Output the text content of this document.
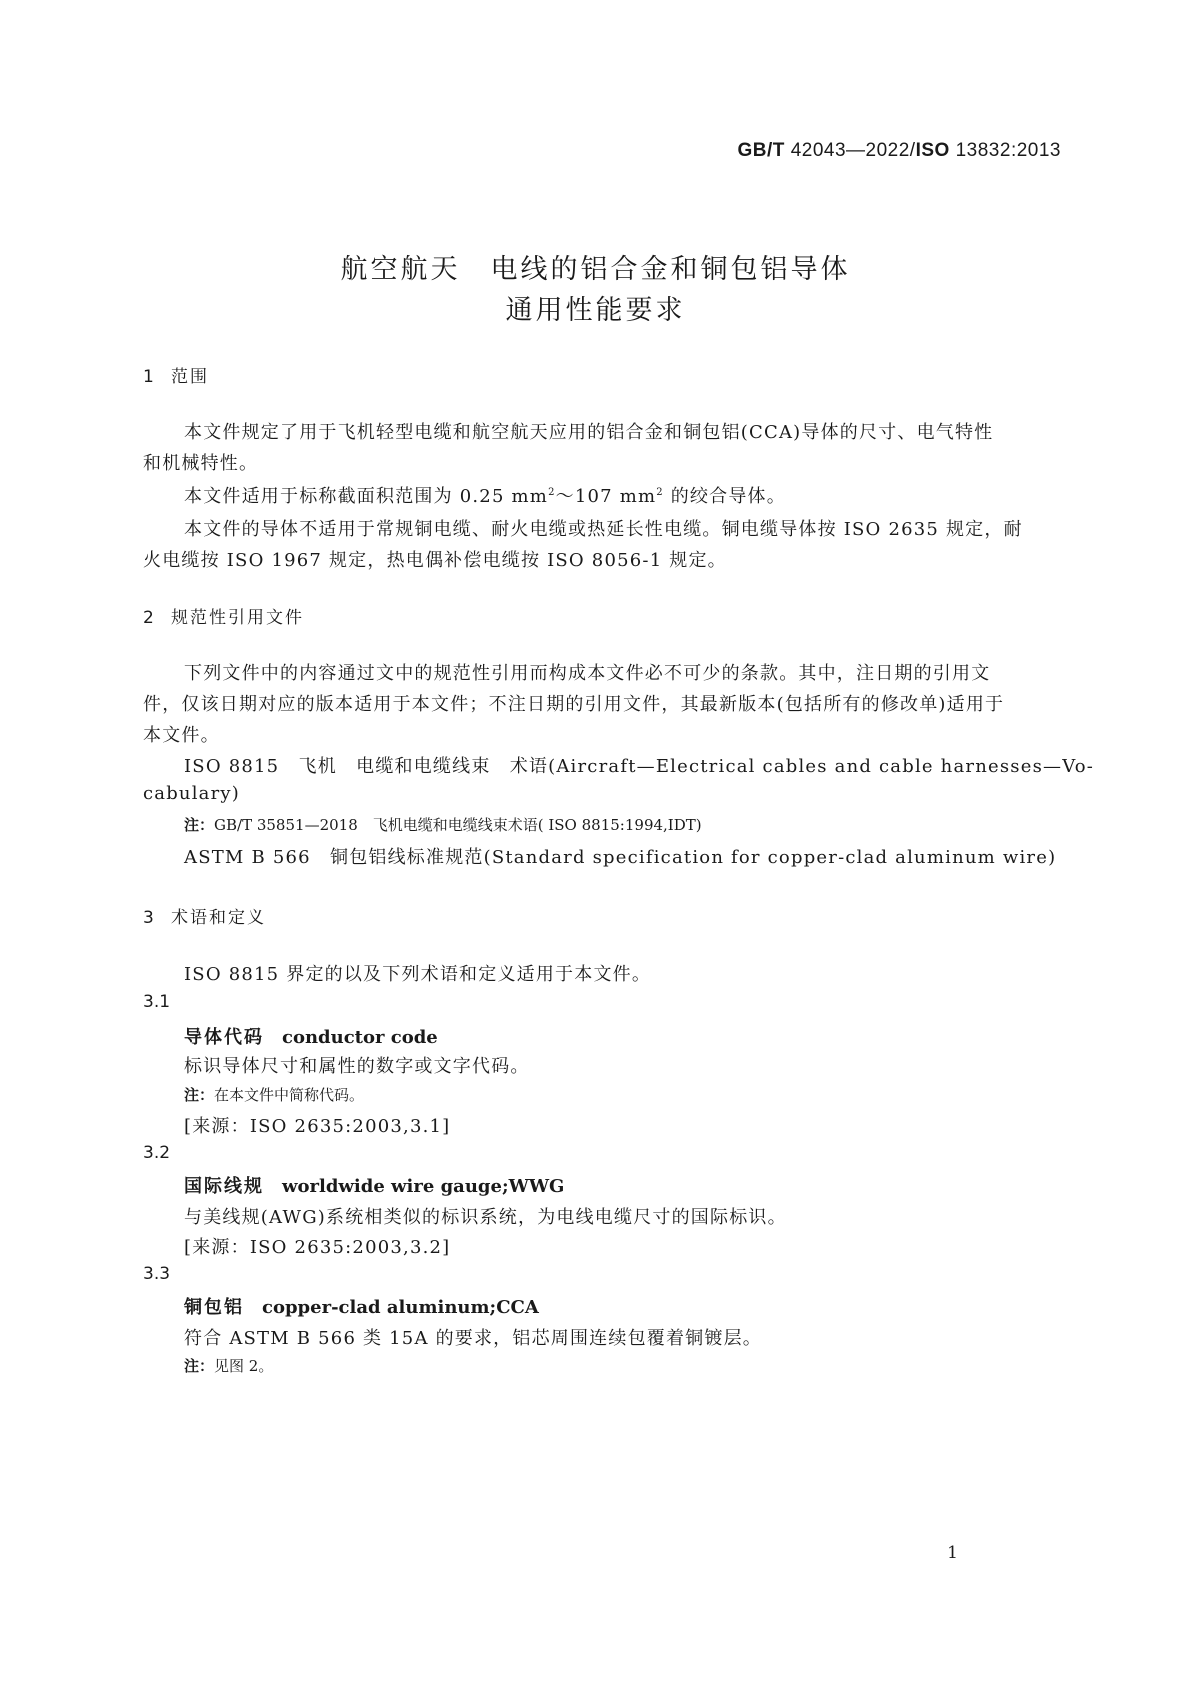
GB/T 42043—2022/ISO 13832:2013
航空航天　电线的铝合金和铜包铝导体
通用性能要求
1 范围
本文件规定了用于飞机轻型电缆和航空航天应用的铝合金和铜包铝(CCA)导体的尺寸、电气特性
和机械特性。
本文件适用于标称截面积范围为 0.25 $mm^2\sim 107$ $mm^2$ 的绞合导体。
本文件的导体不适用于常规铜电缆、耐火电缆或热延长性电缆。铜电缆导体按 ISO 2635 规定，耐
火电缆按 ISO 1967 规定，热电偶补偿电缆按 ISO 8056-1 规定。
2 规范性引用文件
下列文件中的内容通过文中的规范性引用而构成本文件必不可少的条款。其中，注日期的引用文
件，仅该日期对应的版本适用于本文件；不注日期的引用文件，其最新版本(包括所有的修改单)适用于
本文件。
ISO 8815　飞机　电缆和电缆线束　术语(Aircraft—Electrical cables and cable harnesses—Vo-
cabulary)
注：GB/T 35851—2018　飞机电缆和电缆线束术语( ISO 8815:1994,IDT)
ASTM B 566　铜包铝线标准规范(Standard specification for copper-clad aluminum wire)
3 术语和定义
ISO 8815 界定的以及下列术语和定义适用于本文件。
3.1
导体代码 conductor code
标识导体尺寸和属性的数字或文字代码。
注：在本文件中简称代码。
[来源：ISO 2635:2003,3.1]
3.2
国际线规 worldwide wire gauge;WWG
与美线规(AWG)系统相类似的标识系统，为电线电缆尺寸的国际标识。
[来源：ISO 2635:2003,3.2]
3.3
铜包铝 copper-clad aluminum;CCA
符合 ASTM B 566 类 15A 的要求，铝芯周围连续包覆着铜镀层。
注：见图 2。
1
